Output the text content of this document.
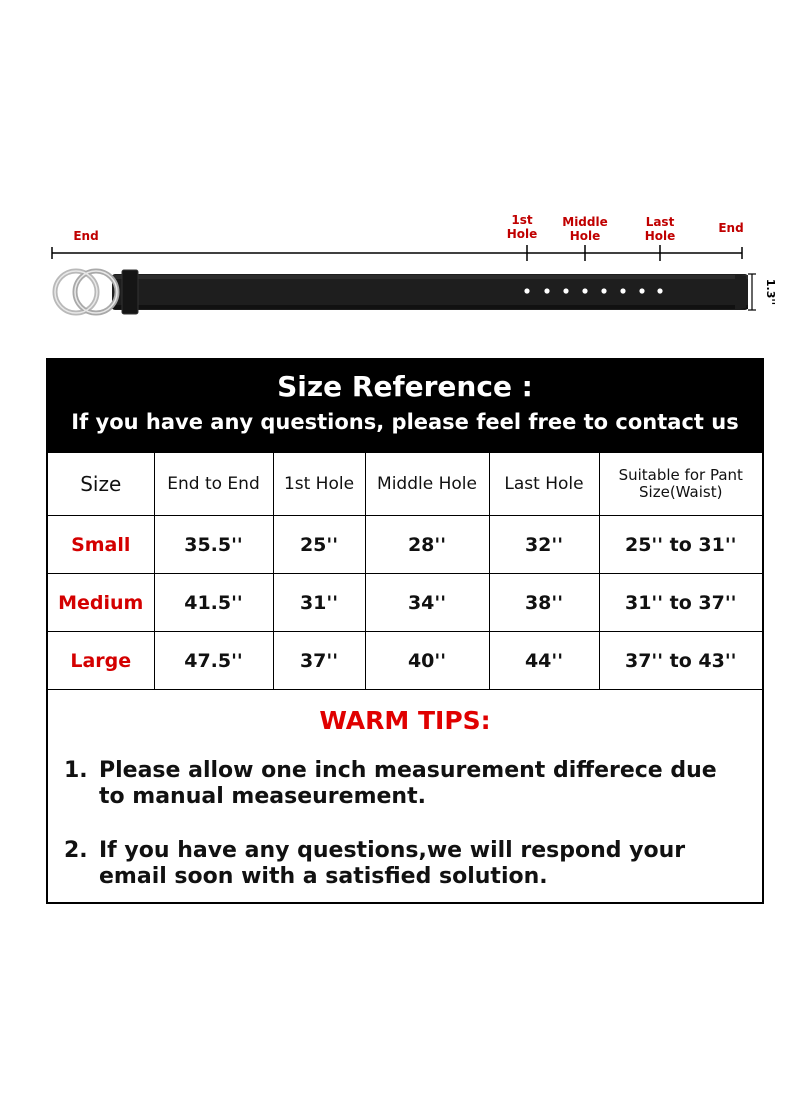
1.3''
End
1st
Hole
Middle
Hole
Last
Hole
End
Size Reference :
If you have any questions, please feel free to contact us
Size	End to End	1st Hole	Middle Hole	Last Hole	Suitable for Pant Size(Waist)
Small	35.5''	25''	28''	32''	25'' to 31''
Medium	41.5''	31''	34''	38''	31'' to 37''
Large	47.5''	37''	40''	44''	37'' to 43''
WARM TIPS:
1. Please allow one inch measurement differece due to manual measeurement.
2. If you have any questions,we will respond your email soon with a satisfied solution.
